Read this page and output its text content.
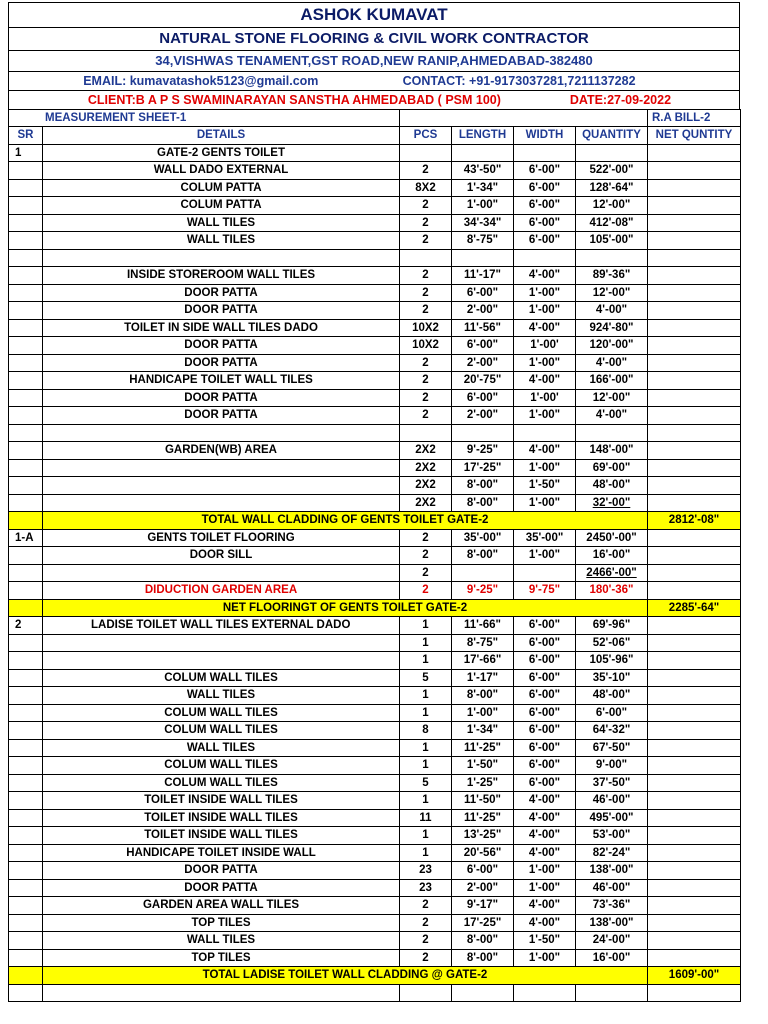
ASHOK KUMAVAT
NATURAL STONE FLOORING & CIVIL WORK CONTRACTOR
34,VISHWAS TENAMENT,GST ROAD,NEW RANIP,AHMEDABAD-382480
EMAIL: kumavatashok5123@gmail.com	CONTACT: +91-9173037281,7211137282
CLIENT:B A P S SWAMINARAYAN SANSTHA AHMEDABAD ( PSM 100)	DATE:27-09-2022
MEASUREMENT SHEET-1						R.A BILL-2
SR	DETAILS	PCS	LENGTH	WIDTH	QUANTITY	NET QUNTITY
1	GATE-2 GENTS TOILET					
	WALL DADO EXTERNAL	2	43'-50"	6'-00"	522'-00"	
	COLUM PATTA	8X2	1'-34"	6'-00"	128'-64"	
	COLUM PATTA	2	1'-00"	6'-00"	12'-00"	
	WALL TILES	2	34'-34"	6'-00"	412'-08"	
	WALL TILES	2	8'-75"	6'-00"	105'-00"	

	INSIDE STOREROOM WALL TILES	2	11'-17"	4'-00"	89'-36"	
	DOOR PATTA	2	6'-00"	1'-00"	12'-00"	
	DOOR PATTA	2	2'-00"	1'-00"	4'-00"	
	TOILET IN SIDE WALL TILES DADO	10X2	11'-56"	4'-00"	924'-80"	
	DOOR PATTA	10X2	6'-00"	1'-00'	120'-00"	
	DOOR PATTA	2	2'-00"	1'-00"	4'-00"	
	HANDICAPE TOILET WALL TILES	2	20'-75"	4'-00"	166'-00"	
	DOOR PATTA	2	6'-00"	1'-00'	12'-00"	
	DOOR PATTA	2	2'-00"	1'-00"	4'-00"	

	GARDEN(WB) AREA	2X2	9'-25"	4'-00"	148'-00"	
		2X2	17'-25"	1'-00"	69'-00"	
		2X2	8'-00"	1'-50"	48'-00"	
		2X2	8'-00"	1'-00"	32'-00"	
	TOTAL WALL CLADDING OF GENTS TOILET GATE-2					2812'-08"
1-A	GENTS TOILET FLOORING	2	35'-00"	35'-00"	2450'-00"	
	DOOR SILL	2	8'-00"	1'-00"	16'-00"	
		2			2466'-00"	
	DIDUCTION GARDEN AREA	2	9'-25"	9'-75"	180'-36"	
	NET FLOORINGT OF GENTS TOILET GATE-2					2285'-64"
2	LADISE TOILET WALL TILES EXTERNAL DADO	1	11'-66"	6'-00"	69'-96"	
		1	8'-75"	6'-00"	52'-06"	
		1	17'-66"	6'-00"	105'-96"	
	COLUM WALL TILES	5	1'-17"	6'-00"	35'-10"	
	WALL TILES	1	8'-00"	6'-00"	48'-00"	
	COLUM WALL TILES	1	1'-00"	6'-00"	6'-00"	
	COLUM WALL TILES	8	1'-34"	6'-00"	64'-32"	
	WALL TILES	1	11'-25"	6'-00"	67'-50"	
	COLUM WALL TILES	1	1'-50"	6'-00"	9'-00"	
	COLUM WALL TILES	5	1'-25"	6'-00"	37'-50"	
	TOILET INSIDE WALL TILES	1	11'-50"	4'-00"	46'-00"	
	TOILET INSIDE WALL TILES	11	11'-25"	4'-00"	495'-00"	
	TOILET INSIDE WALL TILES	1	13'-25"	4'-00"	53'-00"	
	HANDICAPE TOILET INSIDE WALL	1	20'-56"	4'-00"	82'-24"	
	DOOR PATTA	23	6'-00"	1'-00"	138'-00"	
	DOOR PATTA	23	2'-00"	1'-00"	46'-00"	
	GARDEN AREA WALL TILES	2	9'-17"	4'-00"	73'-36"	
	TOP TILES	2	17'-25"	4'-00"	138'-00"	
	WALL TILES	2	8'-00"	1'-50"	24'-00"	
	TOP TILES	2	8'-00"	1'-00"	16'-00"	
	TOTAL LADISE TOILET WALL CLADDING @ GATE-2					1609'-00"
